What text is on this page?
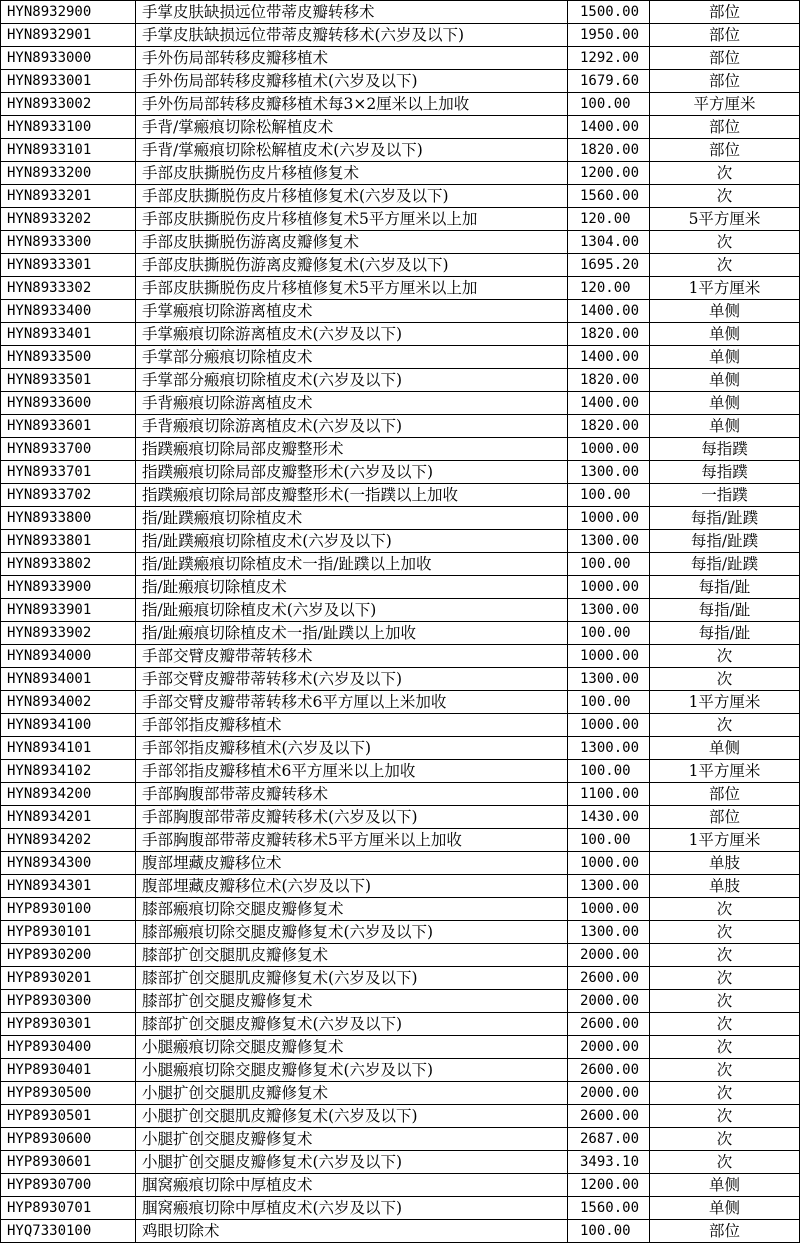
HYN8932900	手掌皮肤缺损远位带蒂皮瓣转移术	1500.00	部位
HYN8932901	手掌皮肤缺损远位带蒂皮瓣转移术(六岁及以下)	1950.00	部位
HYN8933000	手外伤局部转移皮瓣移植术	1292.00	部位
HYN8933001	手外伤局部转移皮瓣移植术(六岁及以下)	1679.60	部位
HYN8933002	手外伤局部转移皮瓣移植术每3×2厘米以上加收	100.00	平方厘米
HYN8933100	手背/掌瘢痕切除松解植皮术	1400.00	部位
HYN8933101	手背/掌瘢痕切除松解植皮术(六岁及以下)	1820.00	部位
HYN8933200	手部皮肤撕脱伤皮片移植修复术	1200.00	次
HYN8933201	手部皮肤撕脱伤皮片移植修复术(六岁及以下)	1560.00	次
HYN8933202	手部皮肤撕脱伤皮片移植修复术5平方厘米以上加	120.00	5平方厘米
HYN8933300	手部皮肤撕脱伤游离皮瓣修复术	1304.00	次
HYN8933301	手部皮肤撕脱伤游离皮瓣修复术(六岁及以下)	1695.20	次
HYN8933302	手部皮肤撕脱伤皮片移植修复术5平方厘米以上加	120.00	1平方厘米
HYN8933400	手掌瘢痕切除游离植皮术	1400.00	单侧
HYN8933401	手掌瘢痕切除游离植皮术(六岁及以下)	1820.00	单侧
HYN8933500	手掌部分瘢痕切除植皮术	1400.00	单侧
HYN8933501	手掌部分瘢痕切除植皮术(六岁及以下)	1820.00	单侧
HYN8933600	手背瘢痕切除游离植皮术	1400.00	单侧
HYN8933601	手背瘢痕切除游离植皮术(六岁及以下)	1820.00	单侧
HYN8933700	指蹼瘢痕切除局部皮瓣整形术	1000.00	每指蹼
HYN8933701	指蹼瘢痕切除局部皮瓣整形术(六岁及以下)	1300.00	每指蹼
HYN8933702	指蹼瘢痕切除局部皮瓣整形术(一指蹼以上加收	100.00	一指蹼
HYN8933800	指/趾蹼瘢痕切除植皮术	1000.00	每指/趾蹼
HYN8933801	指/趾蹼瘢痕切除植皮术(六岁及以下)	1300.00	每指/趾蹼
HYN8933802	指/趾蹼瘢痕切除植皮术一指/趾蹼以上加收	100.00	每指/趾蹼
HYN8933900	指/趾瘢痕切除植皮术	1000.00	每指/趾
HYN8933901	指/趾瘢痕切除植皮术(六岁及以下)	1300.00	每指/趾
HYN8933902	指/趾瘢痕切除植皮术一指/趾蹼以上加收	100.00	每指/趾
HYN8934000	手部交臂皮瓣带蒂转移术	1000.00	次
HYN8934001	手部交臂皮瓣带蒂转移术(六岁及以下)	1300.00	次
HYN8934002	手部交臂皮瓣带蒂转移术6平方厘以上米加收	100.00	1平方厘米
HYN8934100	手部邻指皮瓣移植术	1000.00	次
HYN8934101	手部邻指皮瓣移植术(六岁及以下)	1300.00	单侧
HYN8934102	手部邻指皮瓣移植术6平方厘米以上加收	100.00	1平方厘米
HYN8934200	手部胸腹部带蒂皮瓣转移术	1100.00	部位
HYN8934201	手部胸腹部带蒂皮瓣转移术(六岁及以下)	1430.00	部位
HYN8934202	手部胸腹部带蒂皮瓣转移术5平方厘米以上加收	100.00	1平方厘米
HYN8934300	腹部埋藏皮瓣移位术	1000.00	单肢
HYN8934301	腹部埋藏皮瓣移位术(六岁及以下)	1300.00	单肢
HYP8930100	膝部瘢痕切除交腿皮瓣修复术	1000.00	次
HYP8930101	膝部瘢痕切除交腿皮瓣修复术(六岁及以下)	1300.00	次
HYP8930200	膝部扩创交腿肌皮瓣修复术	2000.00	次
HYP8930201	膝部扩创交腿肌皮瓣修复术(六岁及以下)	2600.00	次
HYP8930300	膝部扩创交腿皮瓣修复术	2000.00	次
HYP8930301	膝部扩创交腿皮瓣修复术(六岁及以下)	2600.00	次
HYP8930400	小腿瘢痕切除交腿皮瓣修复术	2000.00	次
HYP8930401	小腿瘢痕切除交腿皮瓣修复术(六岁及以下)	2600.00	次
HYP8930500	小腿扩创交腿肌皮瓣修复术	2000.00	次
HYP8930501	小腿扩创交腿肌皮瓣修复术(六岁及以下)	2600.00	次
HYP8930600	小腿扩创交腿皮瓣修复术	2687.00	次
HYP8930601	小腿扩创交腿皮瓣修复术(六岁及以下)	3493.10	次
HYP8930700	腘窝瘢痕切除中厚植皮术	1200.00	单侧
HYP8930701	腘窝瘢痕切除中厚植皮术(六岁及以下)	1560.00	单侧
HYQ7330100	鸡眼切除术	100.00	部位
